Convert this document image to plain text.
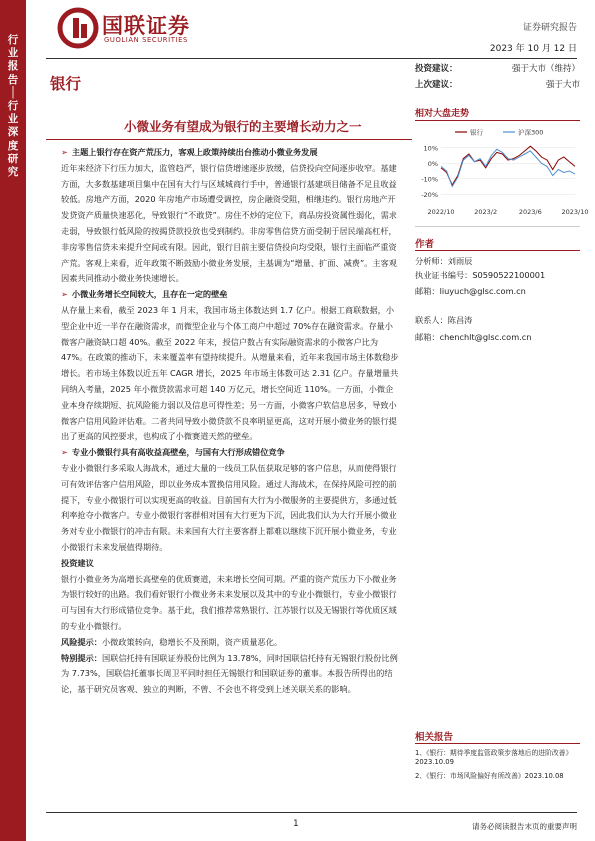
行业报告│行业深度研究
国联证券
GUOLIAN SECURITIES
证券研究报告
2023 年 10 月 12 日
银行
小微业务有望成为银行的主要增长动力之一
➢ 主题上银行存在资产荒压力，客观上政策持续出台推动小微业务发展
近年来经济下行压力加大，监管趋严，银行信贷增速逐步放缓，信贷投向空间逐步收窄。基建方面，大多数基建项目集中在国有大行与区域城商行手中，普通银行基建项目储备不足且收益较低。房地产方面，2020 年房地产市场遭受调控，房企融资受阻，相继违约。银行房地产开发贷资产质量快速恶化，导致银行“不敢贷”。房住不炒的定位下，商品房投资属性弱化，需求走弱，导致银行低风险的按揭贷款投放也受到制约。非房零售信贷方面受制于居民端高杠杆，非房零售信贷未来提升空间或有限。因此，银行目前主要信贷投向均受限，银行主面临严重资产荒。客观上来看，近年政策不断鼓励小微业务发展，主基调为“增量、扩面、减费”。主客观因素共同推动小微业务快速增长。
➢ 小微业务增长空间较大，且存在一定的壁垒
从存量上来看，截至 2023 年 1 月末，我国市场主体数达到 1.7 亿户。根据工商联数据，小型企业中近一半存在融资需求，而微型企业与个体工商户中超过 70%存在融资需求。存量小微客户融资缺口超 40%。截至 2022 年末，授信户数占有实际融资需求的小微客户比为 47%。在政策的推动下，未来覆盖率有望持续提升。从增量来看，近年来我国市场主体数稳步增长。若市场主体数以近五年 CAGR 增长，2025 年市场主体数可达 2.31 亿户。存量增量共同纳入考量，2025 年小微贷款需求可超 140 万亿元，增长空间近 110%。一方面，小微企业本身存续期短、抗风险能力弱以及信息可得性差；另一方面，小微客户软信息居多，导致小微客户信用风险评估难。二者共同导致小微贷款不良率明显更高，这对开展小微业务的银行提出了更高的风控要求，也构成了小微赛道天然的壁垒。
➢ 专业小微银行具有高收益高壁垒，与国有大行形成错位竞争
专业小微银行多采取人海战术，通过大量的一线员工队伍获取足够的客户信息，从而使得银行可有效评估客户信用风险，即以业务成本置换信用风险。通过人海战术，在保持风险可控的前提下，专业小微银行可以实现更高的收益。目前国有大行为小微服务的主要提供方，多通过低利率抢夺小微客户。专业小微银行客群相对国有大行更为下沉，因此我们认为大行开展小微业务对专业小微银行的冲击有限。未来国有大行主要客群上都难以继续下沉开展小微业务，专业小微银行未来发展值得期待。
投资建议
银行小微业务为高增长高壁垒的优质赛道，未来增长空间可期。严重的资产荒压力下小微业务为银行较好的出路。我们看好银行小微业务未来发展以及其中的专业小微银行，专业小微银行可与国有大行形成错位竞争。基于此，我们推荐常熟银行、江苏银行以及无锡银行等优质区域的专业小微银行。
风险提示：小微政策转向，稳增长不及预期，资产质量恶化。
特别提示：国联信托持有国联证券股份比例为 13.78%，同时国联信托持有无锡银行股份比例为 7.73%，国联信托董事长周卫平同时担任无锡银行和国联证券的董事。本报告所得出的结论，基于研究员客观、独立的判断，不曾、不会也不将受到上述关联关系的影响。
投资建议：	强于大市（维持）
上次建议：	强于大市
相对大盘走势
10%
0%
-10%
-20%
2022/10	2023/2	2023/6	2023/10
银行	沪深300
作者
分析师：刘雨辰
执业证书编号：S0590522100001
邮箱：liuyuch@glsc.com.cn
联系人：陈昌涛
邮箱：chenchlt@glsc.com.cn
相关报告
1、《银行：期待季度监管政策步落地后的进阶改善》
2023.10.09
2、《银行：市场风险偏好有所改善》2023.10.08
1	请务必阅读报告末页的重要声明
